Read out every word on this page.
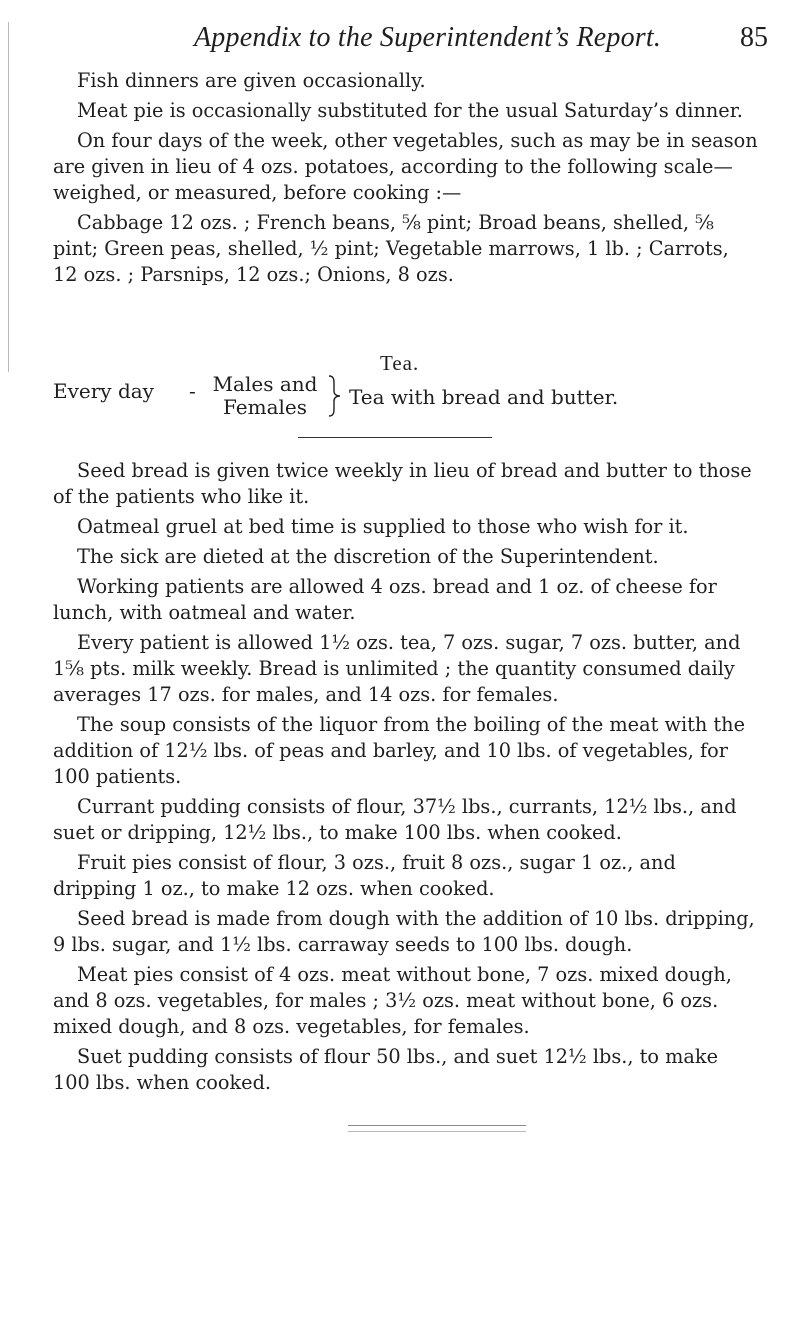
Appendix to the Superintendent’s Report.	85

Fish dinners are given occasionally.

Meat pie is occasionally substituted for the usual Saturday’s dinner.

On four days of the week, other vegetables, such as may be in season are given in lieu of 4 ozs. potatoes, according to the following scale—weighed, or measured, before cooking :—

Cabbage 12 ozs. ; French beans, ⅝ pint; Broad beans, shelled, ⅝ pint; Green peas, shelled, ½ pint; Vegetable marrows, 1 lb. ; Carrots, 12 ozs. ; Parsnips, 12 ozs.; Onions, 8 ozs.

Tea.
Every day - Males and
Females	Tea with bread and butter.

Seed bread is given twice weekly in lieu of bread and butter to those of the patients who like it.

Oatmeal gruel at bed time is supplied to those who wish for it.

The sick are dieted at the discretion of the Superintendent.

Working patients are allowed 4 ozs. bread and 1 oz. of cheese for lunch, with oatmeal and water.

Every patient is allowed 1½ ozs. tea, 7 ozs. sugar, 7 ozs. butter, and 1⅝ pts. milk weekly. Bread is unlimited ; the quantity consumed daily averages 17 ozs. for males, and 14 ozs. for females.

The soup consists of the liquor from the boiling of the meat with the addition of 12½ lbs. of peas and barley, and 10 lbs. of vegetables, for 100 patients.

Currant pudding consists of flour, 37½ lbs., currants, 12½ lbs., and suet or dripping, 12½ lbs., to make 100 lbs. when cooked.

Fruit pies consist of flour, 3 ozs., fruit 8 ozs., sugar 1 oz., and dripping 1 oz., to make 12 ozs. when cooked.

Seed bread is made from dough with the addition of 10 lbs. dripping, 9 lbs. sugar, and 1½ lbs. carraway seeds to 100 lbs. dough.

Meat pies consist of 4 ozs. meat without bone, 7 ozs. mixed dough, and 8 ozs. vegetables, for males ; 3½ ozs. meat without bone, 6 ozs. mixed dough, and 8 ozs. vegetables, for females.

Suet pudding consists of flour 50 lbs., and suet 12½ lbs., to make 100 lbs. when cooked.
